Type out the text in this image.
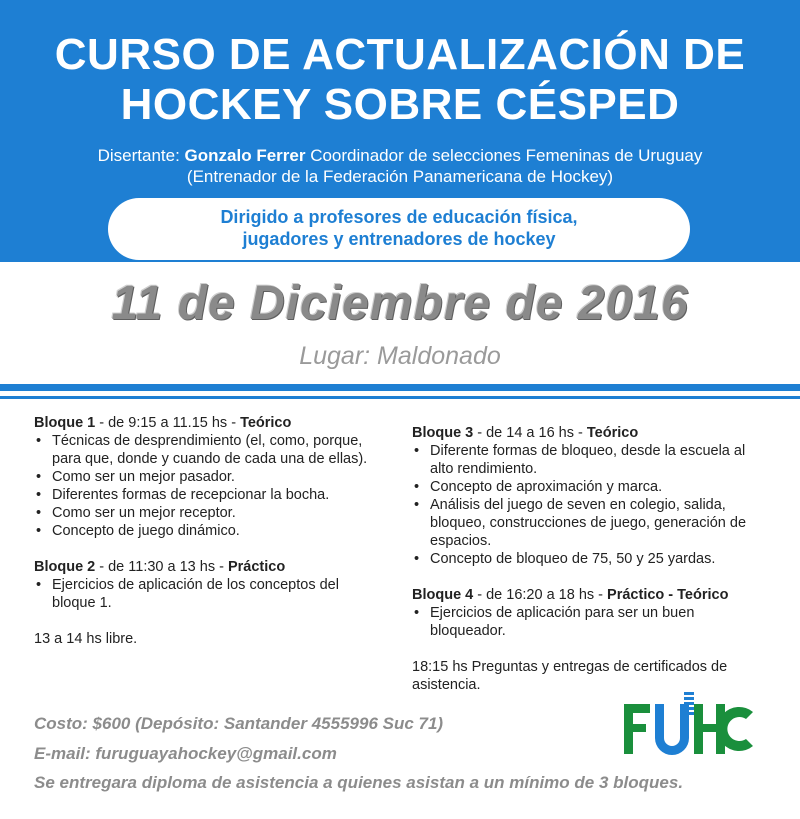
CURSO DE ACTUALIZACIÓN DE
HOCKEY SOBRE CÉSPED
Disertante: Gonzalo Ferrer Coordinador de selecciones Femeninas de Uruguay
(Entrenador de la Federación Panamericana de Hockey)
Dirigido a profesores de educación física,
jugadores y entrenadores de hockey
11 de Diciembre de 2016
Lugar: Maldonado
Bloque 1 - de 9:15 a 11.15 hs - Teórico
• Técnicas de desprendimiento (el, como, porque, para que, donde y cuando de cada una de ellas).
• Como ser un mejor pasador.
• Diferentes formas de recepcionar la bocha.
• Como ser un mejor receptor.
• Concepto de juego dinámico.
Bloque 2 - de 11:30 a 13 hs - Práctico
• Ejercicios de aplicación de los conceptos del bloque 1.
13 a 14 hs libre.
Bloque 3 - de 14 a 16 hs - Teórico
• Diferente formas de bloqueo, desde la escuela al alto rendimiento.
• Concepto de aproximación y marca.
• Análisis del juego de seven en colegio, salida, bloqueo, construcciones de juego, generación de espacios.
• Concepto de bloqueo de 75, 50 y 25 yardas.
Bloque 4 - de 16:20 a 18 hs - Práctico - Teórico
• Ejercicios de aplicación para ser un buen bloqueador.
18:15 hs Preguntas y entregas de certificados de asistencia.
Costo: $600 (Depósito: Santander 4555996 Suc 71)
E-mail: furuguayahockey@gmail.com
Se entregara diploma de asistencia a quienes asistan a un mínimo de 3 bloques.
